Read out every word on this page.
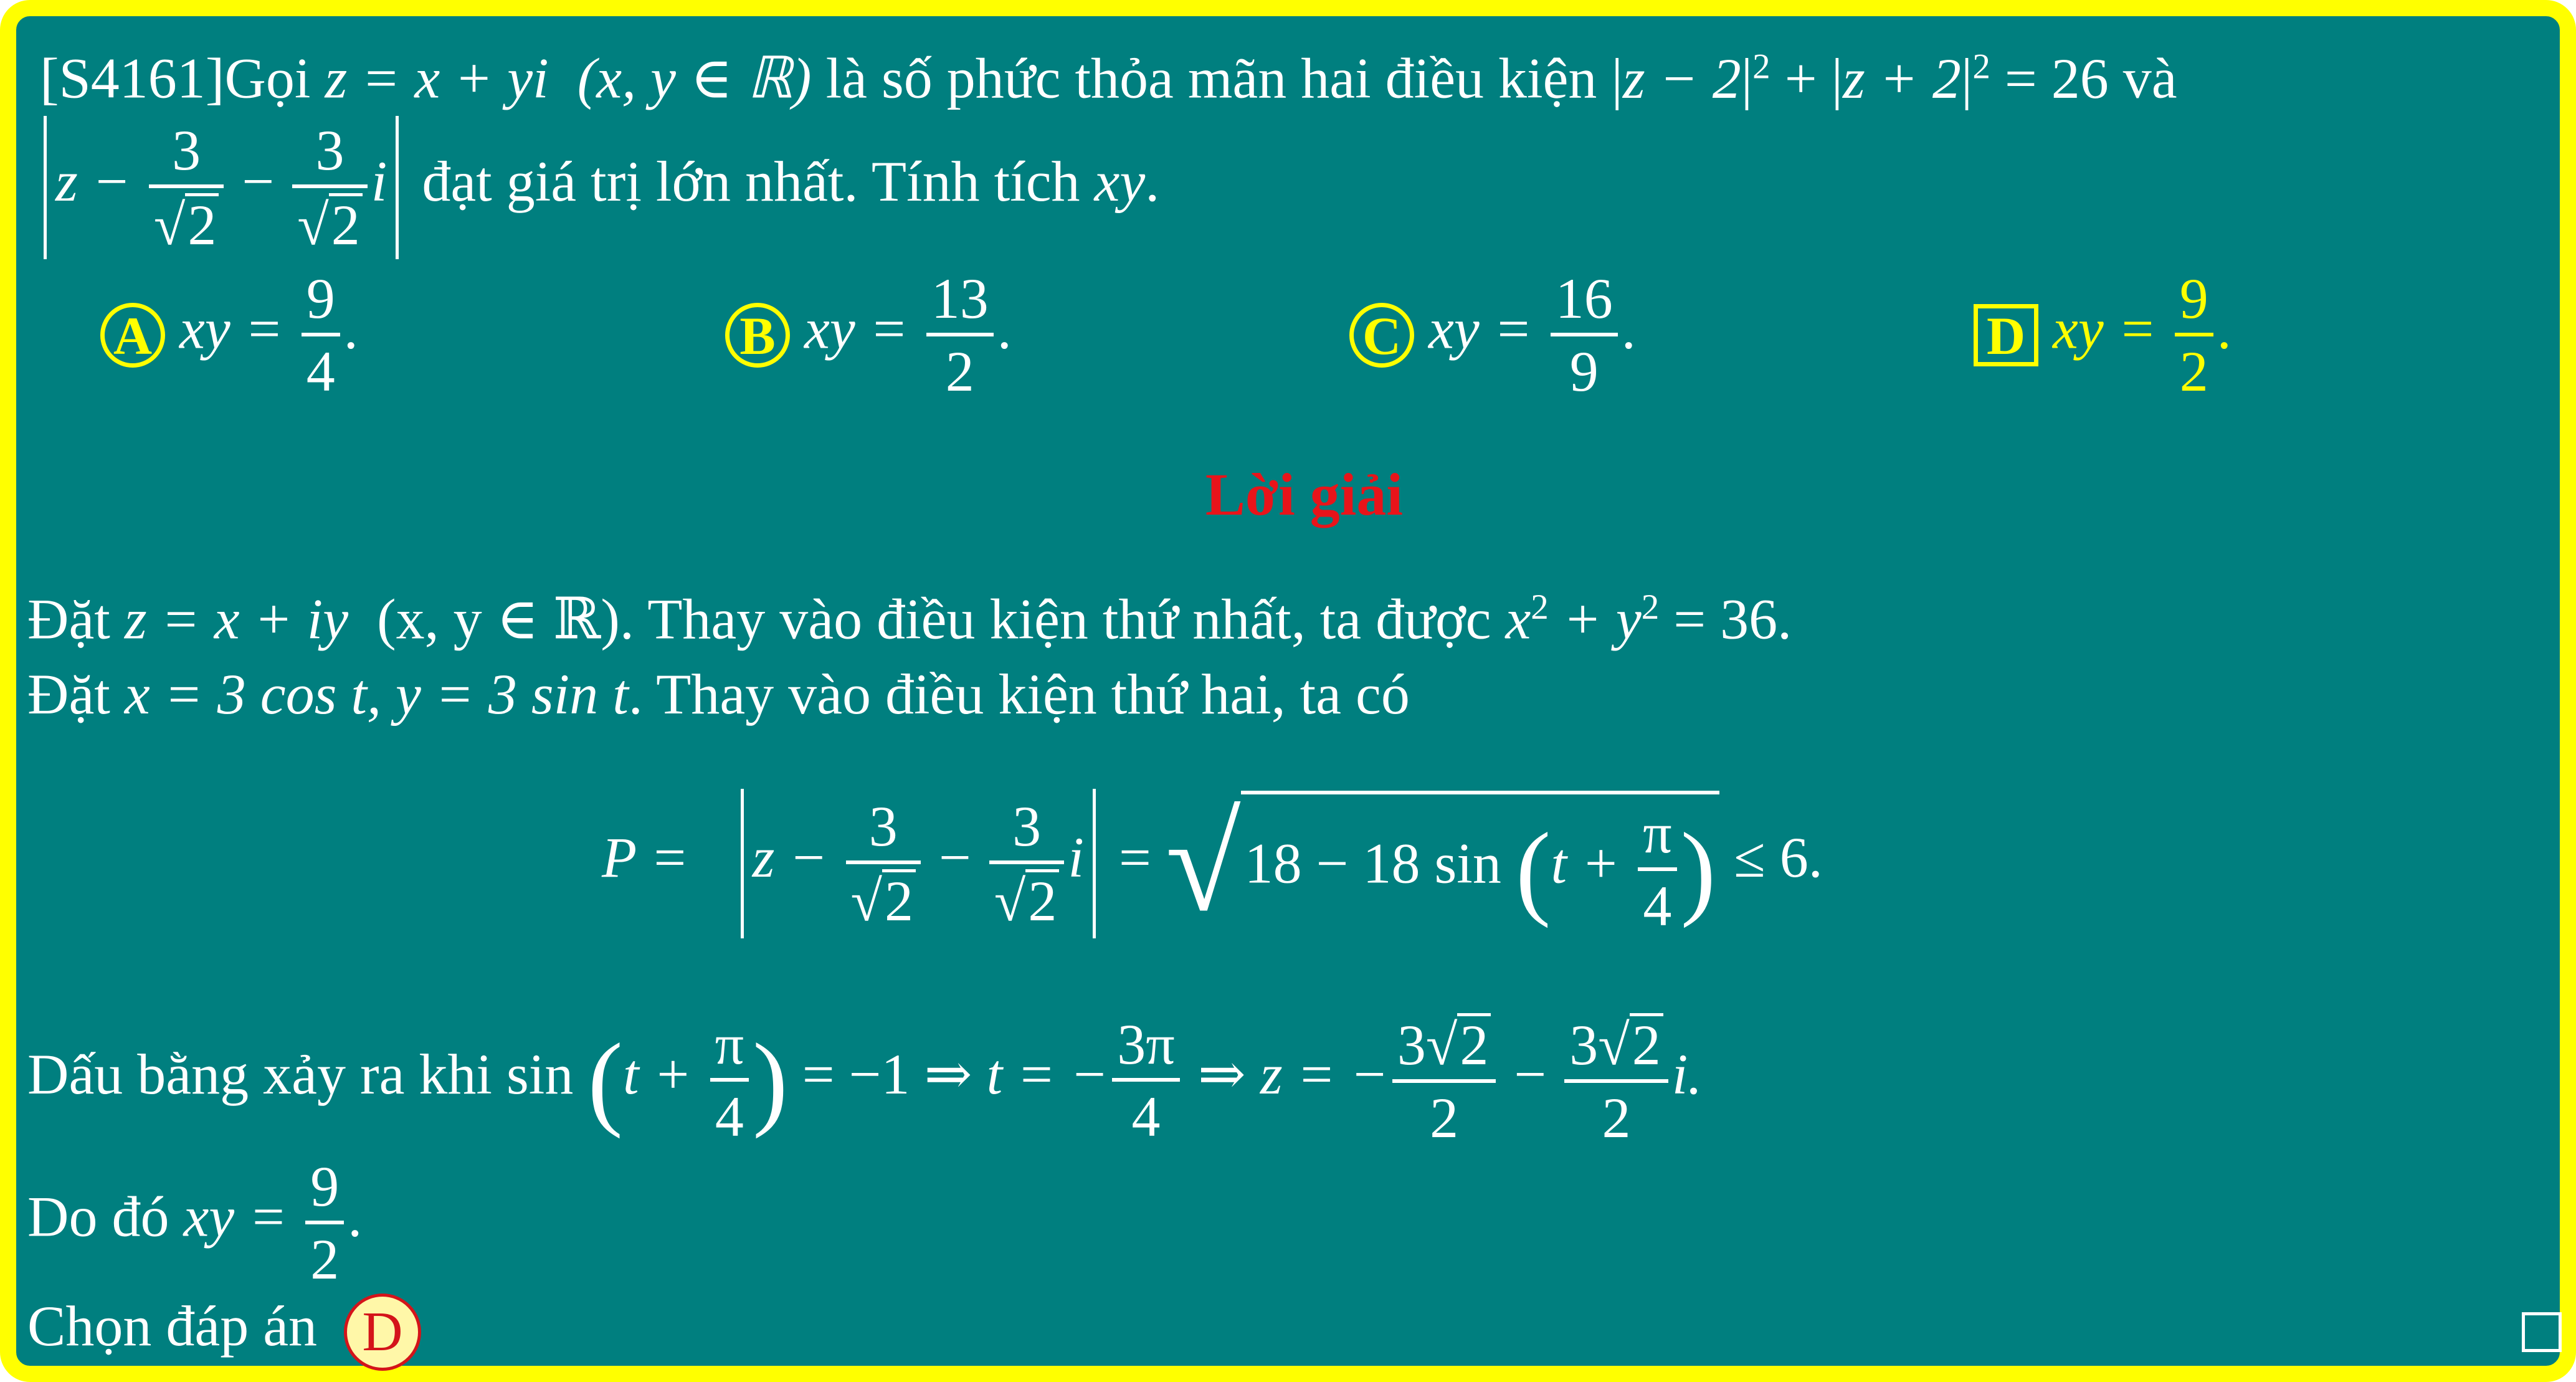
[S4161]Gọi z = x + yi (x, y ∈ ℝ) là số phức thỏa mãn hai điều kiện $|z - 2|^2 + |z + 2|^2 = 26$ và
$z - \frac{3}{√2} - \frac{3}{√2}$ i đạt giá trị lớn nhất. Tính tích xy.
A xy = $\frac{9}{4}$ .	B xy = $\frac{13}{2}$ .	C xy = $\frac{16}{9}$ .	D xy = $\frac{9}{2}$ .
Lời giải
Đặt z = x + iy (x, y ∈ ℝ). Thay vào điều kiện thứ nhất, ta được $x^2 + y^2 = 36$.
Đặt x = 3 cos t, y = 3 sin t. Thay vào điều kiện thứ hai, ta có
$P = z - \frac{3}{√2} - \frac{3}{√2}$ i = √18 − 18 $\sin (t + \frac{\pi}{4}$ ) ≤ 6.
Dấu bằng xảy ra khi $\sin (t + \frac{\pi}{4}$ ) = −1 ⇒ t = − $\frac{3\pi}{4}$ ⇒ z = − $\frac{3√2}{2} - \frac{3√2}{2} i$.
Do đó xy = $\frac{9}{2}$ .
Chọn đáp án D
